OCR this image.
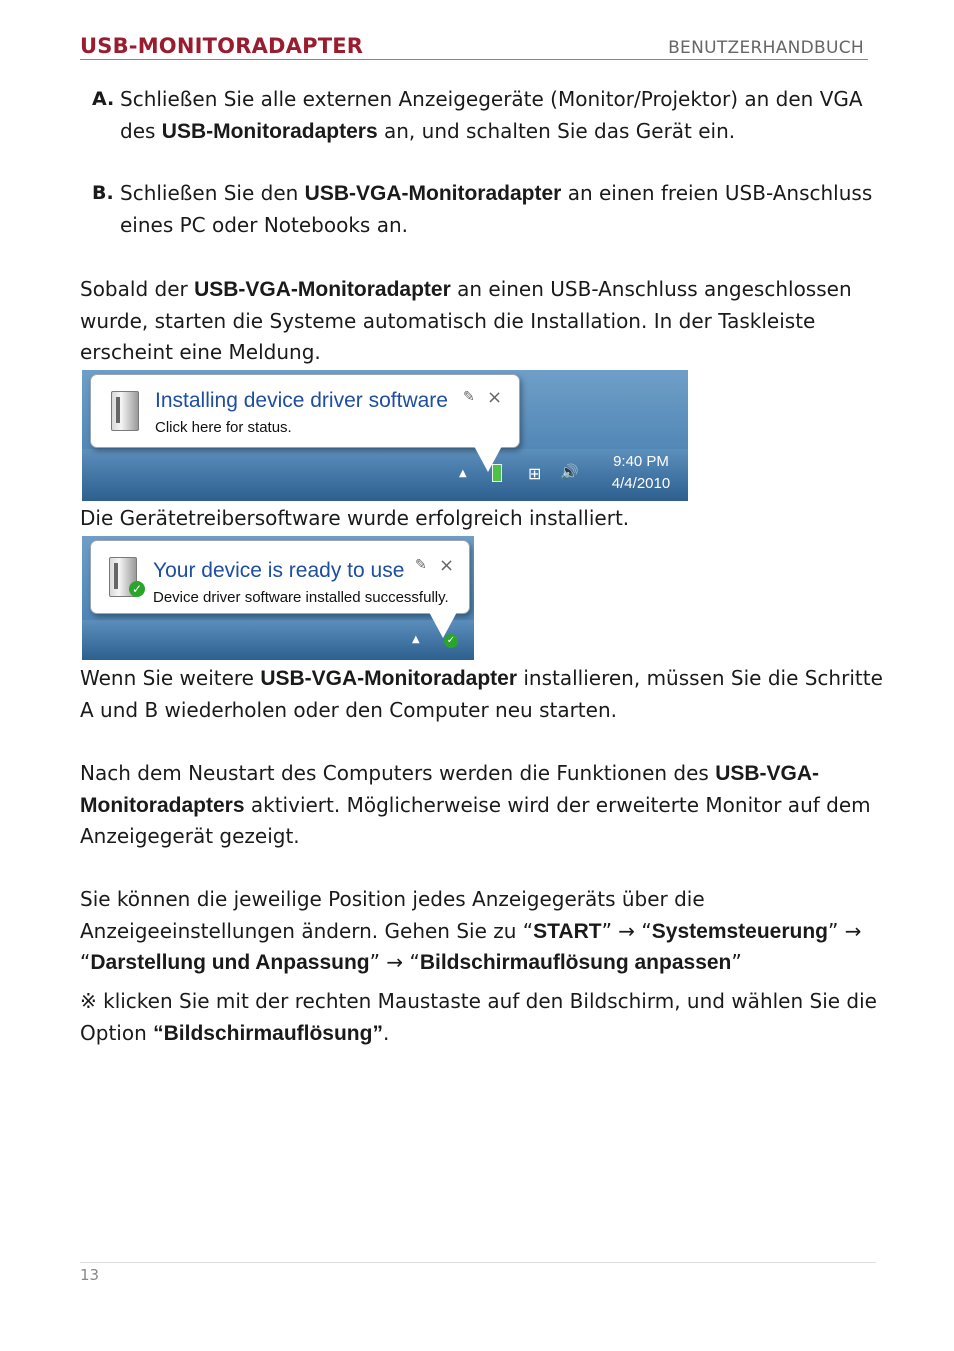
USB-MONITORADAPTER	BENUTZERHANDBUCH

A. Schließen Sie alle externen Anzeigegeräte (Monitor/Projektor) an den VGA des USB-Monitoradapters an, und schalten Sie das Gerät ein.

B. Schließen Sie den USB-VGA-Monitoradapter an einen freien USB-Anschluss eines PC oder Notebooks an.

Sobald der USB-VGA-Monitoradapter an einen USB-Anschluss angeschlossen wurde, starten die Systeme automatisch die Installation. In der Taskleiste erscheint eine Meldung.

Installing device driver software
Click here for status.
✎ ×
▲	⊞ 🔊
9:40 PM
4/4/2010

Die Gerätetreibersoftware wurde erfolgreich installiert.

✓
Your device is ready to use
Device driver software installed successfully.
✎ ×
▲	✓

Wenn Sie weitere USB-VGA-Monitoradapter installieren, müssen Sie die Schritte A und B wiederholen oder den Computer neu starten.

Nach dem Neustart des Computers werden die Funktionen des USB-VGA-Monitoradapters aktiviert. Möglicherweise wird der erweiterte Monitor auf dem Anzeigegerät gezeigt.

Sie können die jeweilige Position jedes Anzeigegeräts über die Anzeigeeinstellungen ändern. Gehen Sie zu “START” → “Systemsteuerung” → “Darstellung und Anpassung” → “Bildschirmauflösung anpassen”

※ klicken Sie mit der rechten Maustaste auf den Bildschirm, und wählen Sie die Option “Bildschirmauflösung”.

13
